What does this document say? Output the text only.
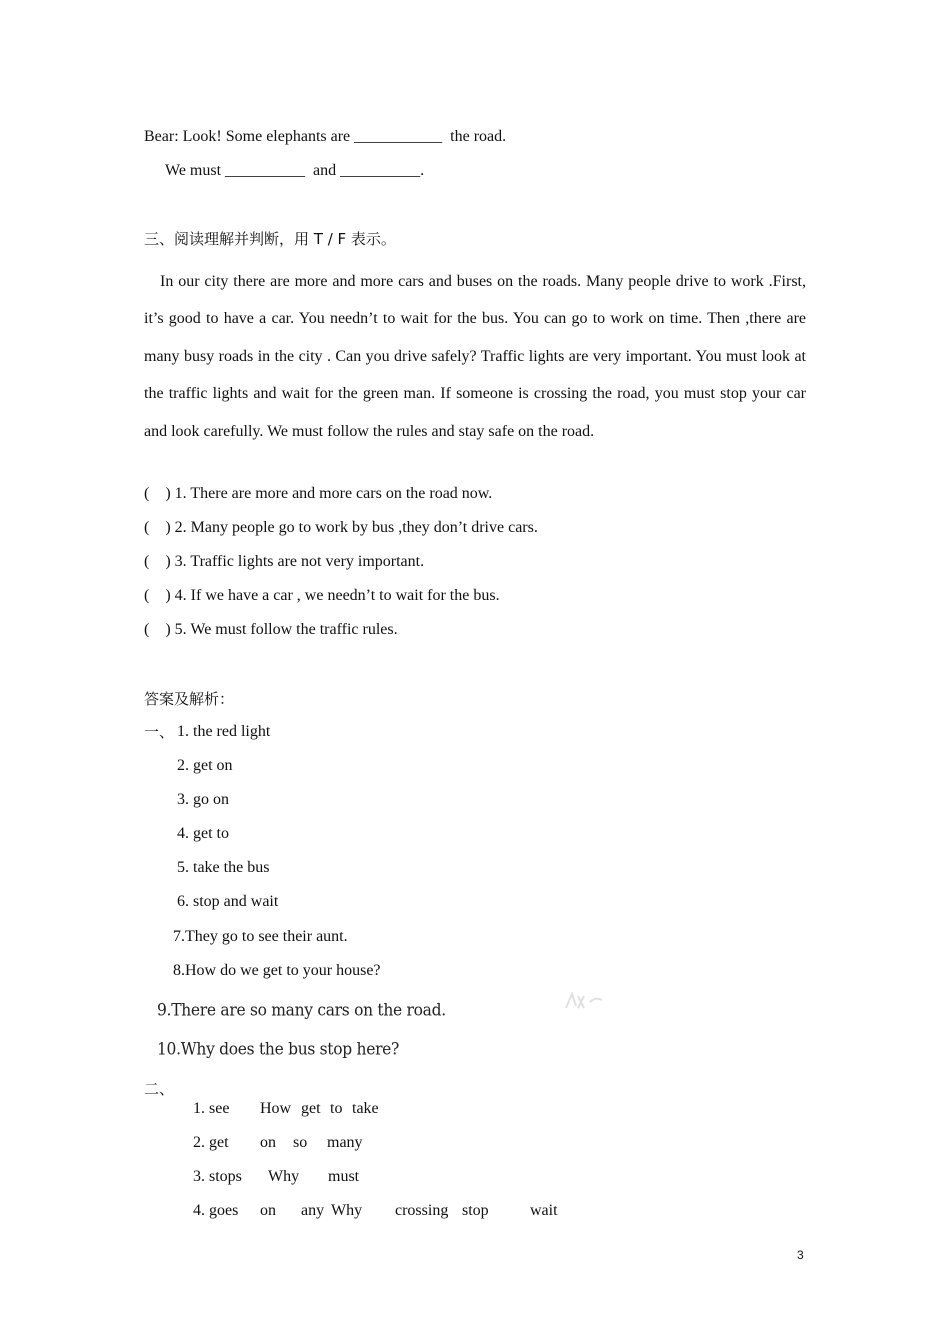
Bear: Look! Some elephants are ___________  the road.
We must __________  and __________.
三、阅读理解并判断，用 T / F 表示。
In our city there are more and more cars and buses on the roads. Many people drive to work .First, it’s good to have a car. You needn’t to wait for the bus. You can go to work on time. Then ,there are many busy roads in the city . Can you drive safely? Traffic lights are very important. You must look at the traffic lights and wait for the green man. If someone is crossing the road, you must stop your car and look carefully. We must follow the rules and stay safe on the road.
(    ) 1. There are more and more cars on the road now.
(    ) 2. Many people go to work by bus ,they don’t drive cars.
(    ) 3. Traffic lights are not very important.
(    ) 4. If we have a car , we needn’t to wait for the bus.
(    ) 5. We must follow the traffic rules.
答案及解析：
一、 1. the red light
2. get on
3. go on
4. get to
5. take the bus
6. stop and wait
7.They go to see their aunt.
8.How do we get to your house?
9.There are so many cars on the road.
10.Why does the bus stop here?
二、

1. see How get to take

2. get on so many

3. stops Why must

4. goes on any Why crossing stop	wait

3
